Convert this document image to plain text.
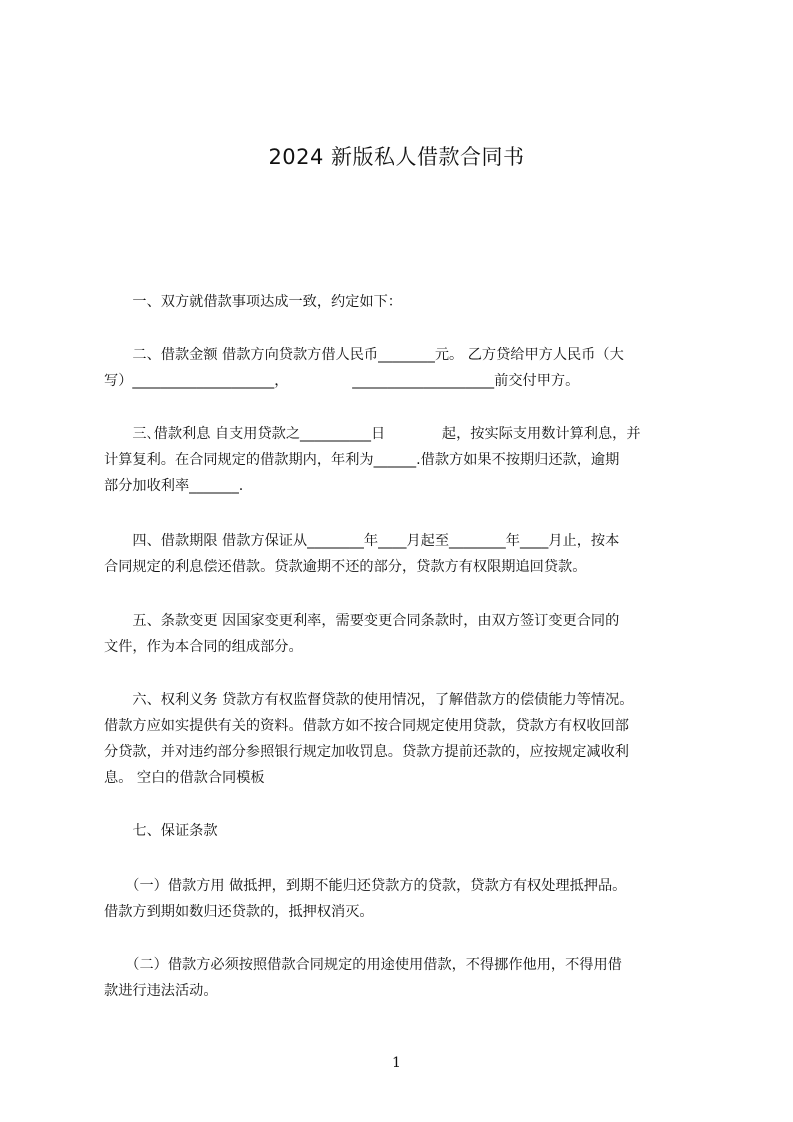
2024 新版私人借款合同书
　　一、双方就借款事项达成一致，约定如下：
　　二、借款金额 借款方向贷款方借人民币________元。 乙方贷给甲方人民币（大
写）____________________，　　　　　____________________前交付甲方。
　　三､借款利息 自支用贷款之__________日　　　　起，按实际支用数计算利息，并
计算复利。在合同规定的借款期内，年利为______.借款方如果不按期归还款，逾期
部分加收利率_______.
　　四、借款期限 借款方保证从________年____月起至________年____月止，按本
合同规定的利息偿还借款。贷款逾期不还的部分，贷款方有权限期追回贷款。
　　五、条款变更 因国家变更利率，需要变更合同条款时，由双方签订变更合同的
文件，作为本合同的组成部分。
　　六、权利义务 贷款方有权监督贷款的使用情况，了解借款方的偿债能力等情况。
借款方应如实提供有关的资料。借款方如不按合同规定使用贷款，贷款方有权收回部
分贷款，并对违约部分参照银行规定加收罚息。贷款方提前还款的，应按规定减收利
息。 空白的借款合同模板
　　七、保证条款
　　（一）借款方用 做抵押，到期不能归还贷款方的贷款，贷款方有权处理抵押品。
借款方到期如数归还贷款的，抵押权消灭。
　　（二）借款方必须按照借款合同规定的用途使用借款，不得挪作他用，不得用借
款进行违法活动。
1
